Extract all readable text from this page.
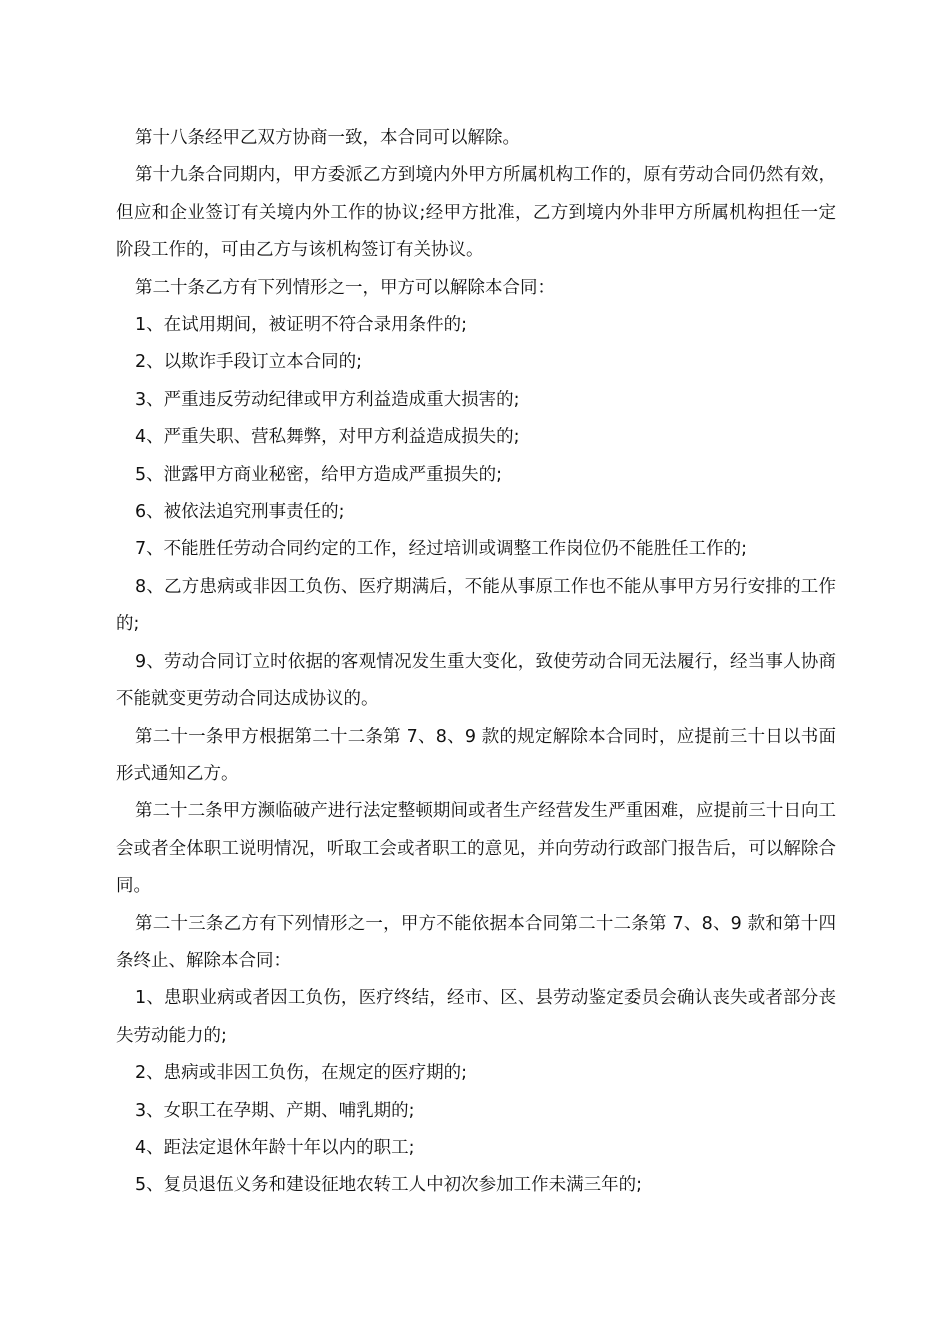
第十八条经甲乙双方协商一致，本合同可以解除。

第十九条合同期内，甲方委派乙方到境内外甲方所属机构工作的，原有劳动合同仍然有效，但应和企业签订有关境内外工作的协议;经甲方批准，乙方到境内外非甲方所属机构担任一定阶段工作的，可由乙方与该机构签订有关协议。

第二十条乙方有下列情形之一，甲方可以解除本合同：

1、在试用期间，被证明不符合录用条件的;

2、以欺诈手段订立本合同的;

3、严重违反劳动纪律或甲方利益造成重大损害的;

4、严重失职、营私舞弊，对甲方利益造成损失的;

5、泄露甲方商业秘密，给甲方造成严重损失的;

6、被依法追究刑事责任的;

7、不能胜任劳动合同约定的工作，经过培训或调整工作岗位仍不能胜任工作的;

8、乙方患病或非因工负伤、医疗期满后，不能从事原工作也不能从事甲方另行安排的工作的;

9、劳动合同订立时依据的客观情况发生重大变化，致使劳动合同无法履行，经当事人协商不能就变更劳动合同达成协议的。

第二十一条甲方根据第二十二条第 7、8、9 款的规定解除本合同时，应提前三十日以书面形式通知乙方。

第二十二条甲方濒临破产进行法定整顿期间或者生产经营发生严重困难，应提前三十日向工会或者全体职工说明情况，听取工会或者职工的意见，并向劳动行政部门报告后，可以解除合同。

第二十三条乙方有下列情形之一，甲方不能依据本合同第二十二条第 7、8、9 款和第十四条终止、解除本合同：

1、患职业病或者因工负伤，医疗终结，经市、区、县劳动鉴定委员会确认丧失或者部分丧失劳动能力的;

2、患病或非因工负伤，在规定的医疗期的;

3、女职工在孕期、产期、哺乳期的;

4、距法定退休年龄十年以内的职工;

5、复员退伍义务和建设征地农转工人中初次参加工作未满三年的;
